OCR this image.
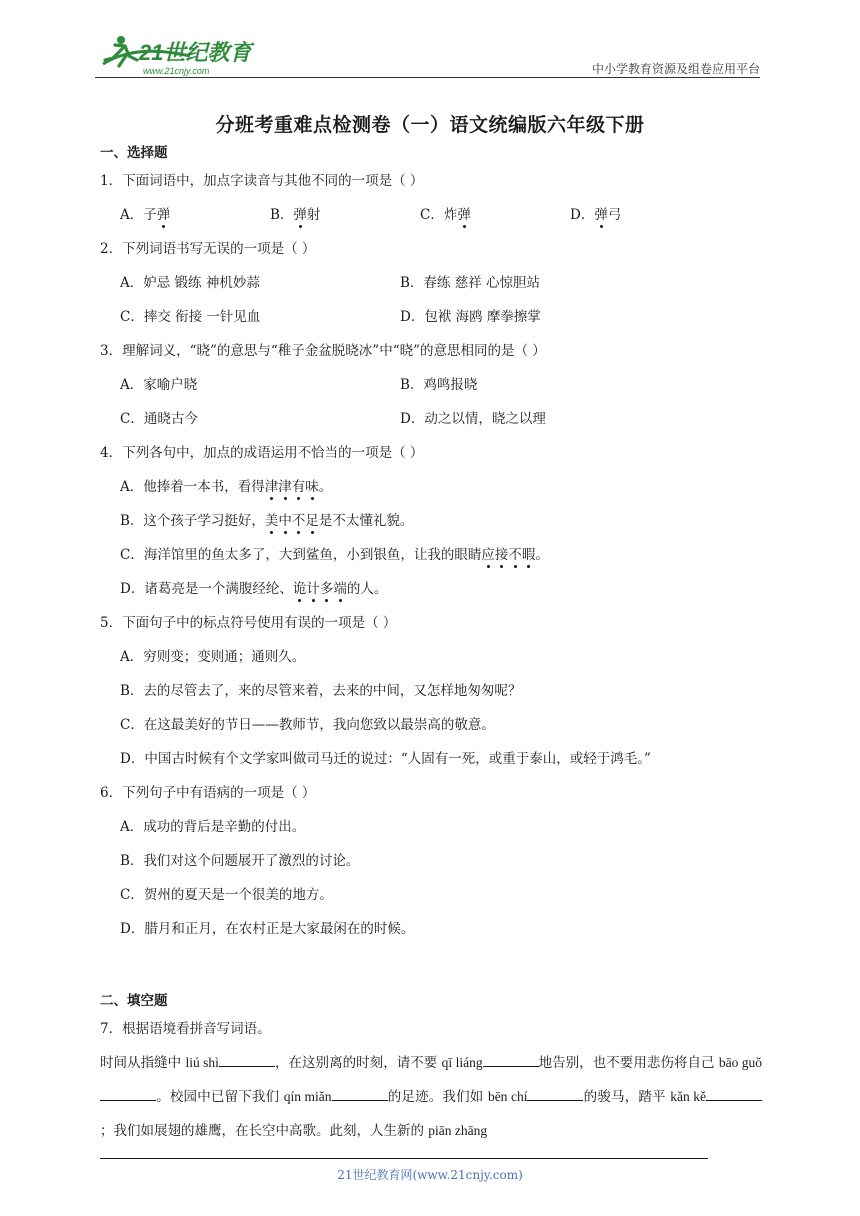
21世纪教育
www.21cnjy.com	中小学教育资源及组卷应用平台
分班考重难点检测卷（一）语文统编版六年级下册
一、选择题
1．下面词语中，加点字读音与其他不同的一项是（ ）
A．子弹	B．弹射	C．炸弹	D．弹弓
2．下列词语书写无误的一项是（ ）
A．妒忌 锻练 神机妙蒜	B．春练 慈祥 心惊胆站
C．摔交 衔接 一针见血	D．包袱 海鸥 摩拳擦掌
3．理解词义，“晓”的意思与“稚子金盆脱晓冰”中“晓”的意思相同的是（ ）
A．家喻户晓	B．鸡鸣报晓
C．通晓古今	D．动之以情，晓之以理
4．下列各句中，加点的成语运用不恰当的一项是（ ）
A．他捧着一本书，看得津津有味。
B．这个孩子学习挺好，美中不足是不太懂礼貌。
C．海洋馆里的鱼太多了，大到鲨鱼，小到银鱼，让我的眼睛应接不暇。
D．诸葛亮是一个满腹经纶、诡计多端的人。
5．下面句子中的标点符号使用有误的一项是（ ）
A．穷则变；变则通；通则久。
B．去的尽管去了，来的尽管来着，去来的中间，又怎样地匆匆呢？
C．在这最美好的节日——教师节，我向您致以最崇高的敬意。
D．中国古时候有个文学家叫做司马迁的说过：“人固有一死，或重于泰山，或轻于鸿毛。”
6．下列句子中有语病的一项是（ ）
A．成功的背后是辛勤的付出。
B．我们对这个问题展开了激烈的讨论。
C．贺州的夏天是一个很美的地方。
D．腊月和正月，在农村正是大家最闲在的时候。
二、填空题
7．根据语境看拼音写词语。
时间从指缝中 liú shì	，在这别离的时刻，请不要 qī liáng	地告别，也不要用悲伤将自己 bāo guǒ。校园中已留下我们 qín miǎn	的足迹。我们如 bēn chí	的骏马，踏平 kǎn kě；我们如展翅的雄鹰，在长空中高歌。此刻，人生新的 piān zhāng
21世纪教育网(www.21cnjy.com)
